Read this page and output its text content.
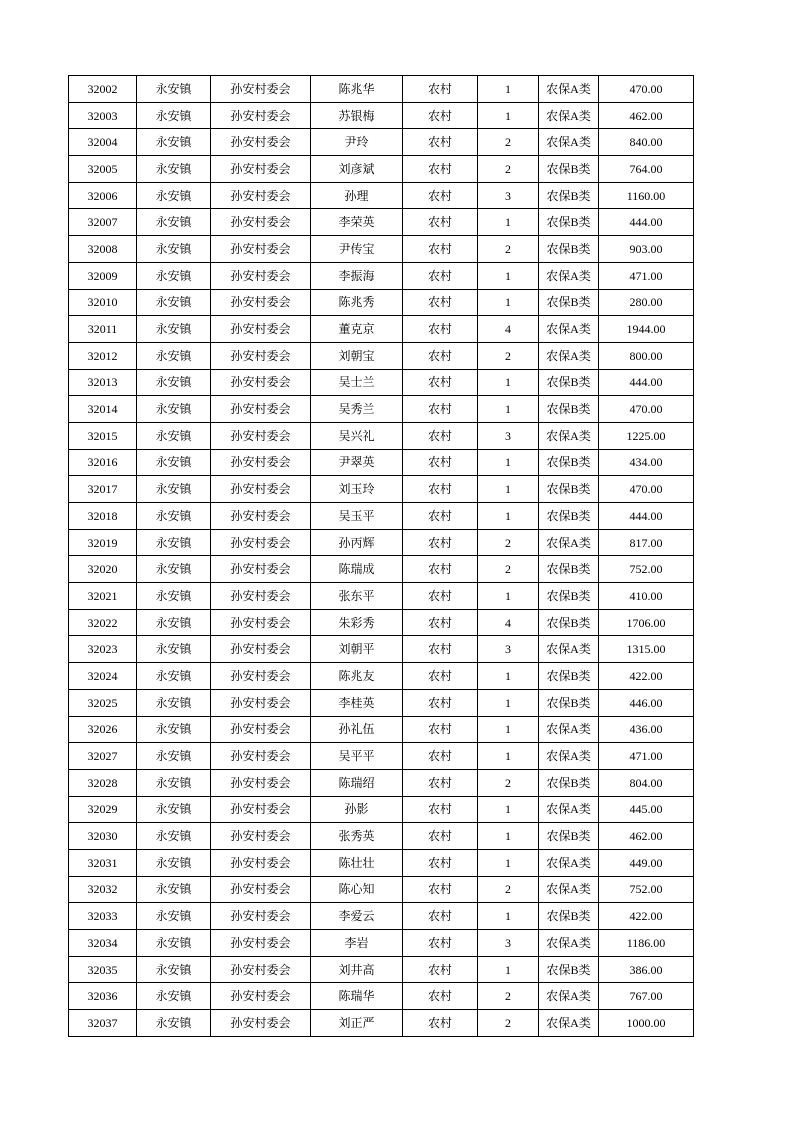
32002	永安镇	孙安村委会	陈兆华	农村	1	农保A类	470.00
32003	永安镇	孙安村委会	苏银梅	农村	1	农保A类	462.00
32004	永安镇	孙安村委会	尹玲	农村	2	农保A类	840.00
32005	永安镇	孙安村委会	刘彦斌	农村	2	农保B类	764.00
32006	永安镇	孙安村委会	孙理	农村	3	农保B类	1160.00
32007	永安镇	孙安村委会	李荣英	农村	1	农保B类	444.00
32008	永安镇	孙安村委会	尹传宝	农村	2	农保B类	903.00
32009	永安镇	孙安村委会	李振海	农村	1	农保A类	471.00
32010	永安镇	孙安村委会	陈兆秀	农村	1	农保B类	280.00
32011	永安镇	孙安村委会	董克京	农村	4	农保A类	1944.00
32012	永安镇	孙安村委会	刘朝宝	农村	2	农保A类	800.00
32013	永安镇	孙安村委会	吴士兰	农村	1	农保B类	444.00
32014	永安镇	孙安村委会	吴秀兰	农村	1	农保B类	470.00
32015	永安镇	孙安村委会	吴兴礼	农村	3	农保A类	1225.00
32016	永安镇	孙安村委会	尹翠英	农村	1	农保B类	434.00
32017	永安镇	孙安村委会	刘玉玲	农村	1	农保B类	470.00
32018	永安镇	孙安村委会	吴玉平	农村	1	农保B类	444.00
32019	永安镇	孙安村委会	孙丙辉	农村	2	农保A类	817.00
32020	永安镇	孙安村委会	陈瑞成	农村	2	农保B类	752.00
32021	永安镇	孙安村委会	张东平	农村	1	农保B类	410.00
32022	永安镇	孙安村委会	朱彩秀	农村	4	农保B类	1706.00
32023	永安镇	孙安村委会	刘朝平	农村	3	农保A类	1315.00
32024	永安镇	孙安村委会	陈兆友	农村	1	农保B类	422.00
32025	永安镇	孙安村委会	李桂英	农村	1	农保B类	446.00
32026	永安镇	孙安村委会	孙礼伍	农村	1	农保A类	436.00
32027	永安镇	孙安村委会	吴平平	农村	1	农保A类	471.00
32028	永安镇	孙安村委会	陈瑞绍	农村	2	农保B类	804.00
32029	永安镇	孙安村委会	孙影	农村	1	农保A类	445.00
32030	永安镇	孙安村委会	张秀英	农村	1	农保B类	462.00
32031	永安镇	孙安村委会	陈壮壮	农村	1	农保A类	449.00
32032	永安镇	孙安村委会	陈心知	农村	2	农保A类	752.00
32033	永安镇	孙安村委会	李爱云	农村	1	农保B类	422.00
32034	永安镇	孙安村委会	李岩	农村	3	农保A类	1186.00
32035	永安镇	孙安村委会	刘井高	农村	1	农保B类	386.00
32036	永安镇	孙安村委会	陈瑞华	农村	2	农保A类	767.00
32037	永安镇	孙安村委会	刘正严	农村	2	农保A类	1000.00
